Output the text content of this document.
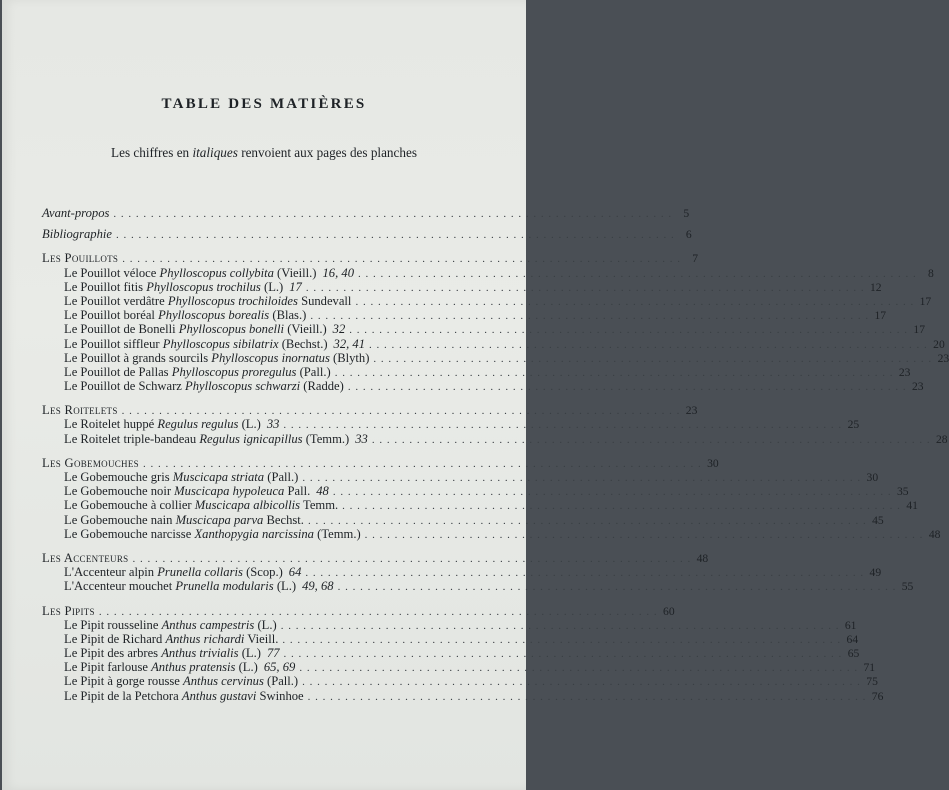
TABLE DES MATIÈRES
Les chiffres en italiques renvoient aux pages des planches
Avant-propos . . .	5
Bibliographie . . .	6
Les Pouillots . . .	7
Le Pouillot véloce Phylloscopus collybita (Vieill.) 16, 40 . . .	8
Le Pouillot fitis Phylloscopus trochilus (L.) 17 . . .	12
Le Pouillot verdâtre Phylloscopus trochiloides Sundevall . . .	17
Le Pouillot boréal Phylloscopus borealis (Blas.) . . .	17
Le Pouillot de Bonelli Phylloscopus bonelli (Vieill.) 32 . . .	17
Le Pouillot siffleur Phylloscopus sibilatrix (Bechst.) 32, 41 . . .	20
Le Pouillot à grands sourcils Phylloscopus inornatus (Blyth) . . .	23
Le Pouillot de Pallas Phylloscopus proregulus (Pall.) . . .	23
Le Pouillot de Schwarz Phylloscopus schwarzi (Radde) . . .	23
Les Roitelets . . .	23
Le Roitelet huppé Regulus regulus (L.) 33 . . .	25
Le Roitelet triple-bandeau Regulus ignicapillus (Temm.) 33 . . .	28
Les Gobemouches . . .	30
Le Gobemouche gris Muscicapa striata (Pall.) . . .	30
Le Gobemouche noir Muscicapa hypoleuca Pall. 48 . . .	35
Le Gobemouche à collier Muscicapa albicollis Temm. . . .	41
Le Gobemouche nain Muscicapa parva Bechst. . . .	45
Le Gobemouche narcisse Xanthopygia narcissina (Temm.) . . .	48
Les Accenteurs . . .	48
L'Accenteur alpin Prunella collaris (Scop.) 64 . . .	49
L'Accenteur mouchet Prunella modularis (L.) 49, 68 . . .	55
Les Pipits . . .	60
Le Pipit rousseline Anthus campestris (L.) . . .	61
Le Pipit de Richard Anthus richardi Vieill. . . .	64
Le Pipit des arbres Anthus trivialis (L.) 77 . . .	65
Le Pipit farlouse Anthus pratensis (L.) 65, 69 . . .	71
Le Pipit à gorge rousse Anthus cervinus (Pall.) . . .	75
Le Pipit de la Petchora Anthus gustavi Swinhoe . . .	76
